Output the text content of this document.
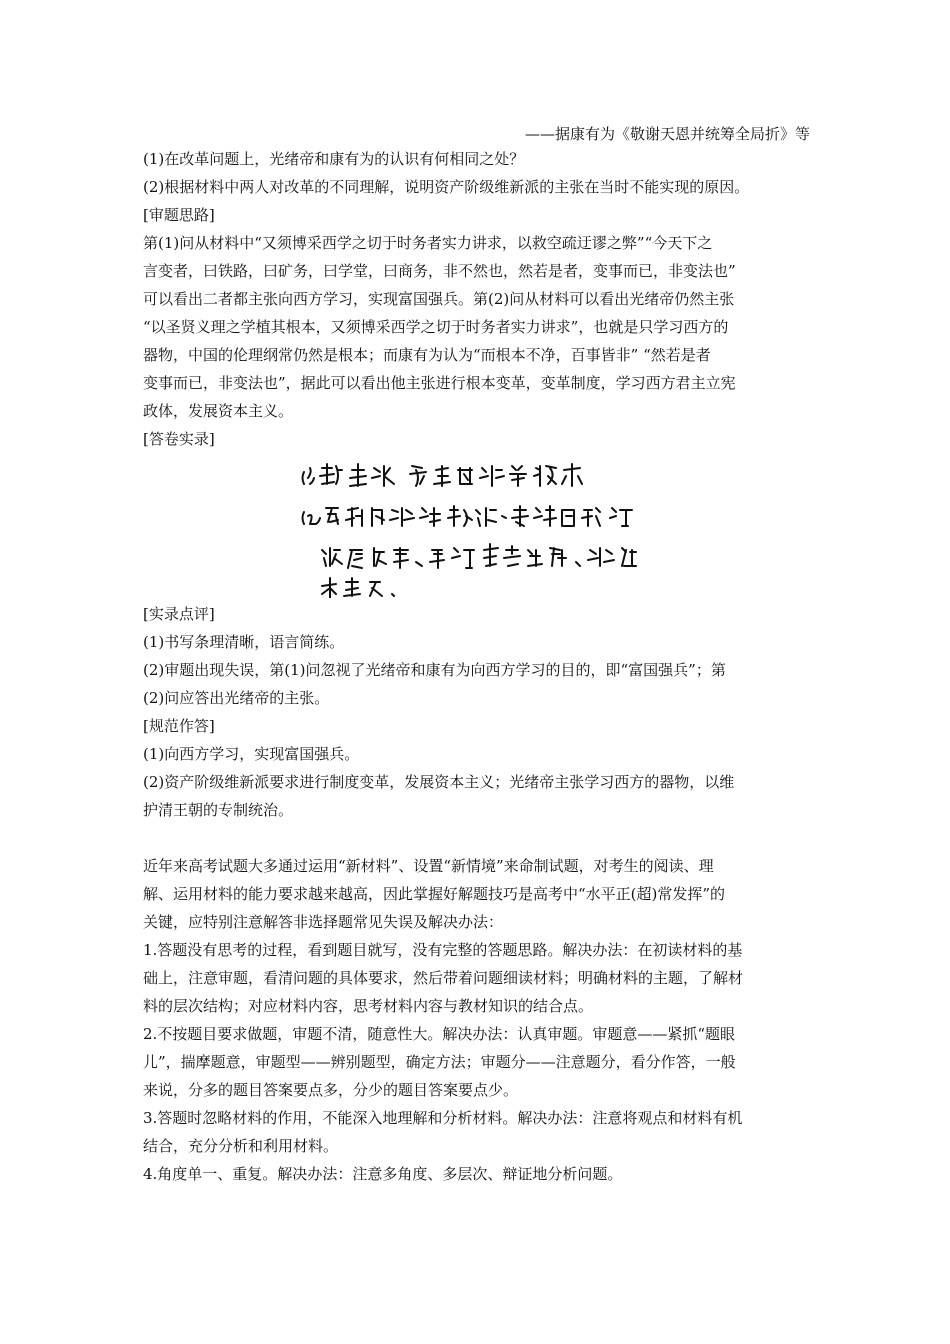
——据康有为《敬谢天恩并统筹全局折》等
(1)在改革问题上，光绪帝和康有为的认识有何相同之处？
(2)根据材料中两人对改革的不同理解，说明资产阶级维新派的主张在当时不能实现的原因。
[审题思路]
第(1)问从材料中“又须博采西学之切于时务者实力讲求，以救空疏迂谬之弊”“今天下之
言变者，曰铁路，曰矿务，曰学堂，曰商务，非不然也，然若是者，变事而已，非变法也”
可以看出二者都主张向西方学习，实现富国强兵。第(2)问从材料可以看出光绪帝仍然主张
“以圣贤义理之学植其根本，又须博采西学之切于时务者实力讲求”，也就是只学习西方的
器物，中国的伦理纲常仍然是根本；而康有为认为“而根本不净，百事皆非” “然若是者
变事而已，非变法也”，据此可以看出他主张进行根本变革，变革制度，学习西方君主立宪
政体，发展资本主义。
[答卷实录]
[实录点评]
(1)书写条理清晰，语言简练。
(2)审题出现失误，第(1)问忽视了光绪帝和康有为向西方学习的目的，即“富国强兵”；第
(2)问应答出光绪帝的主张。
[规范作答]
(1)向西方学习，实现富国强兵。
(2)资产阶级维新派要求进行制度变革，发展资本主义；光绪帝主张学习西方的器物，以维
护清王朝的专制统治。
近年来高考试题大多通过运用“新材料”、设置“新情境”来命制试题，对考生的阅读、理
解、运用材料的能力要求越来越高，因此掌握好解题技巧是高考中“水平正(超)常发挥”的
关键，应特别注意解答非选择题常见失误及解决办法：
1.答题没有思考的过程，看到题目就写，没有完整的答题思路。解决办法：在初读材料的基
础上，注意审题，看清问题的具体要求，然后带着问题细读材料；明确材料的主题，了解材
料的层次结构；对应材料内容，思考材料内容与教材知识的结合点。
2.不按题目要求做题，审题不清，随意性大。解决办法：认真审题。审题意——紧抓“题眼
儿”，揣摩题意，审题型——辨别题型，确定方法；审题分——注意题分，看分作答，一般
来说，分多的题目答案要点多，分少的题目答案要点少。
3.答题时忽略材料的作用，不能深入地理解和分析材料。解决办法：注意将观点和材料有机
结合，充分分析和利用材料。
4.角度单一、重复。解决办法：注意多角度、多层次、辩证地分析问题。
